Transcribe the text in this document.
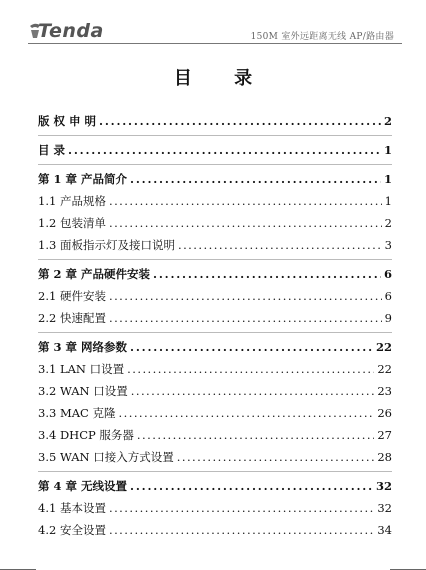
Tenda	150M 室外远距离无线 AP/路由器
目 录
版 权 申 明 . . .	2
目 录 . . .	1
第 1 章 产品简介 . . .	1
1.1 产品规格 . . .	1
1.2 包装清单 . . .	2
1.3 面板指示灯及接口说明 . . .	3
第 2 章 产品硬件安装 . . .	6
2.1 硬件安装 . . .	6
2.2 快速配置 . . .	9
第 3 章 网络参数 . . .	22
3.1 LAN 口设置 . . .	22
3.2 WAN 口设置 . . .	23
3.3 MAC 克隆 . . .	26
3.4 DHCP 服务器 . . .	27
3.5 WAN 口接入方式设置 . . .	28
第 4 章 无线设置 . . .	32
4.1 基本设置 . . .	32
4.2 安全设置 . . .	34
